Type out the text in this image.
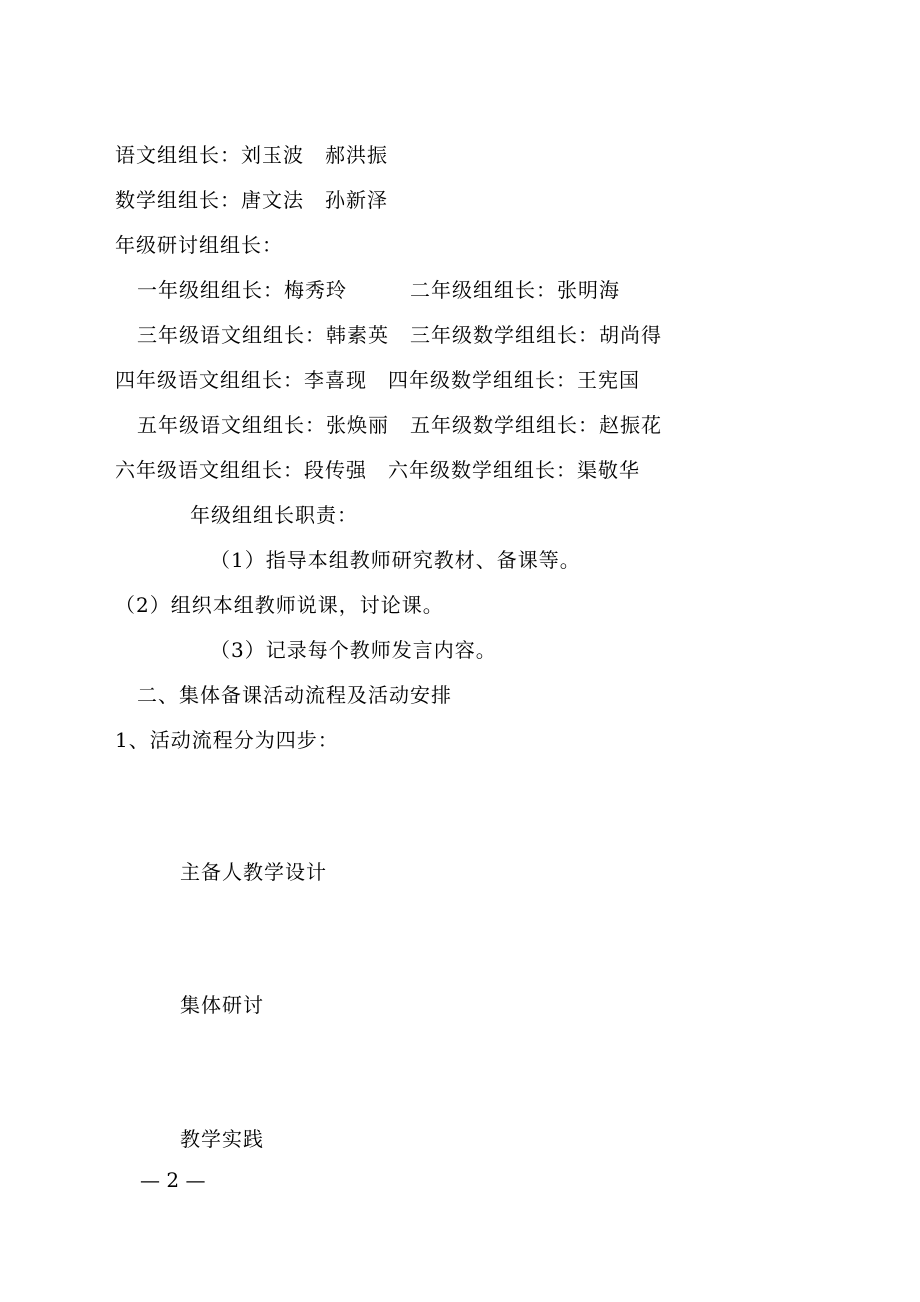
语文组组长：刘玉波　郝洪振
数学组组长：唐文法　孙新泽
年级研讨组组长：
一年级组组长：梅秀玲　　　二年级组组长：张明海
三年级语文组组长：韩素英　三年级数学组组长：胡尚得
四年级语文组组长：李喜现　四年级数学组组长：王宪国
五年级语文组组长：张焕丽　五年级数学组组长：赵振花
六年级语文组组长：段传强　六年级数学组组长：渠敬华
年级组组长职责：
（1）指导本组教师研究教材、备课等。
（2）组织本组教师说课，讨论课。
（3）记录每个教师发言内容。
二、集体备课活动流程及活动安排
1、活动流程分为四步：
主备人教学设计
集体研讨
教学实践
— 2 —
